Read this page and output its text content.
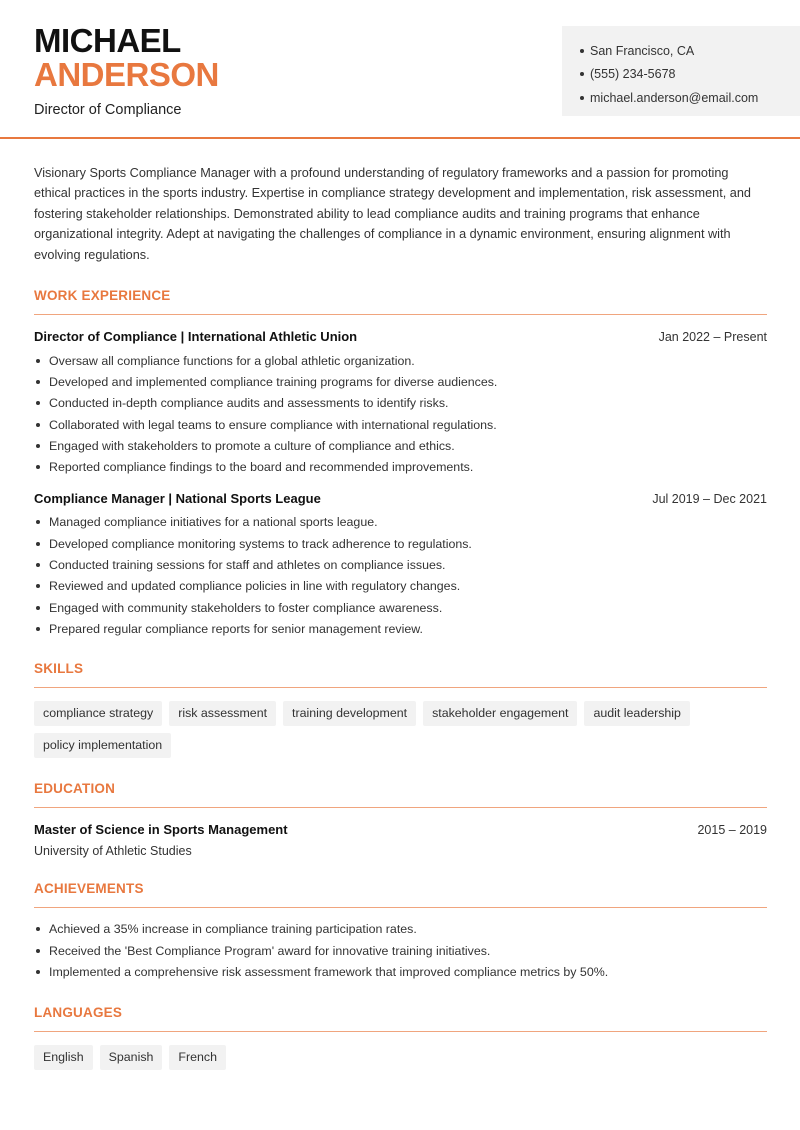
MICHAEL
ANDERSON
Director of Compliance
San Francisco, CA
(555) 234-5678
michael.anderson@email.com

Visionary Sports Compliance Manager with a profound understanding of regulatory frameworks and a passion for promoting ethical practices in the sports industry. Expertise in compliance strategy development and implementation, risk assessment, and fostering stakeholder relationships. Demonstrated ability to lead compliance audits and training programs that enhance organizational integrity. Adept at navigating the challenges of compliance in a dynamic environment, ensuring alignment with evolving regulations.

WORK EXPERIENCE
Director of Compliance | International Athletic Union	Jan 2022 – Present
Oversaw all compliance functions for a global athletic organization.
Developed and implemented compliance training programs for diverse audiences.
Conducted in-depth compliance audits and assessments to identify risks.
Collaborated with legal teams to ensure compliance with international regulations.
Engaged with stakeholders to promote a culture of compliance and ethics.
Reported compliance findings to the board and recommended improvements.
Compliance Manager | National Sports League	Jul 2019 – Dec 2021
Managed compliance initiatives for a national sports league.
Developed compliance monitoring systems to track adherence to regulations.
Conducted training sessions for staff and athletes on compliance issues.
Reviewed and updated compliance policies in line with regulatory changes.
Engaged with community stakeholders to foster compliance awareness.
Prepared regular compliance reports for senior management review.
SKILLS
compliance strategy	risk assessment	training development	stakeholder engagement	audit leadership
policy implementation
EDUCATION
Master of Science in Sports Management	2015 – 2019
University of Athletic Studies
ACHIEVEMENTS
Achieved a 35% increase in compliance training participation rates.
Received the 'Best Compliance Program' award for innovative training initiatives.
Implemented a comprehensive risk assessment framework that improved compliance metrics by 50%.
LANGUAGES
English	Spanish	French
